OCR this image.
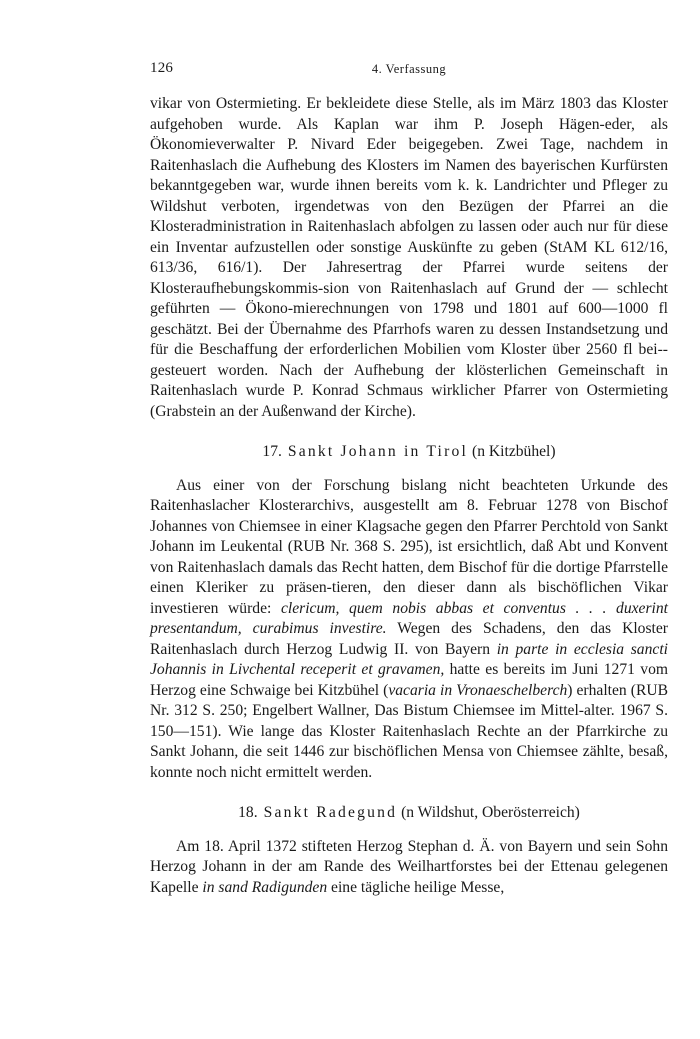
126	4. Verfassung

vikar von Ostermieting. Er bekleidete diese Stelle, als im März 1803 das Kloster aufgehoben wurde. Als Kaplan war ihm P. Joseph Hägen-eder, als Ökonomieverwalter P. Nivard Eder beigegeben. Zwei Tage, nachdem in Raitenhaslach die Aufhebung des Klosters im Namen des bayerischen Kurfürsten bekanntgegeben war, wurde ihnen bereits vom k. k. Landrichter und Pfleger zu Wildshut verboten, irgendetwas von den Bezügen der Pfarrei an die Klosteradministration in Raitenhaslach abfolgen zu lassen oder auch nur für diese ein Inventar aufzustellen oder sonstige Auskünfte zu geben (StAM KL 612/16, 613/36, 616/1). Der Jahresertrag der Pfarrei wurde seitens der Klosteraufhebungskommis-sion von Raitenhaslach auf Grund der — schlecht geführten — Ökono-mierechnungen von 1798 und 1801 auf 600—1000 fl geschätzt. Bei der Übernahme des Pfarrhofs waren zu dessen Instandsetzung und für die Beschaffung der erforderlichen Mobilien vom Kloster über 2560 fl bei-gesteuert worden. Nach der Aufhebung der klösterlichen Gemeinschaft in Raitenhaslach wurde P. Konrad Schmaus wirklicher Pfarrer von Ostermieting (Grabstein an der Außenwand der Kirche).

17. Sankt Johann in Tirol (n Kitzbühel)

Aus einer von der Forschung bislang nicht beachteten Urkunde des Raitenhaslacher Klosterarchivs, ausgestellt am 8. Februar 1278 von Bischof Johannes von Chiemsee in einer Klagsache gegen den Pfarrer Perchtold von Sankt Johann im Leukental (RUB Nr. 368 S. 295), ist ersichtlich, daß Abt und Konvent von Raitenhaslach damals das Recht hatten, dem Bischof für die dortige Pfarrstelle einen Kleriker zu präsen-tieren, den dieser dann als bischöflichen Vikar investieren würde: clericum, quem nobis abbas et conventus . . . duxerint presentandum, curabimus investire. Wegen des Schadens, den das Kloster Raitenhaslach durch Herzog Ludwig II. von Bayern in parte in ecclesia sancti Johannis in Livchental receperit et gravamen, hatte es bereits im Juni 1271 vom Herzog eine Schwaige bei Kitzbühel (vacaria in Vronaeschelberch) erhalten (RUB Nr. 312 S. 250; Engelbert Wallner, Das Bistum Chiemsee im Mittel-alter. 1967 S. 150—151). Wie lange das Kloster Raitenhaslach Rechte an der Pfarrkirche zu Sankt Johann, die seit 1446 zur bischöflichen Mensa von Chiemsee zählte, besaß, konnte noch nicht ermittelt werden.

18. Sankt Radegund (n Wildshut, Oberösterreich)

Am 18. April 1372 stifteten Herzog Stephan d. Ä. von Bayern und sein Sohn Herzog Johann in der am Rande des Weilhartforstes bei der Ettenau gelegenen Kapelle in sand Radigunden eine tägliche heilige Messe,
